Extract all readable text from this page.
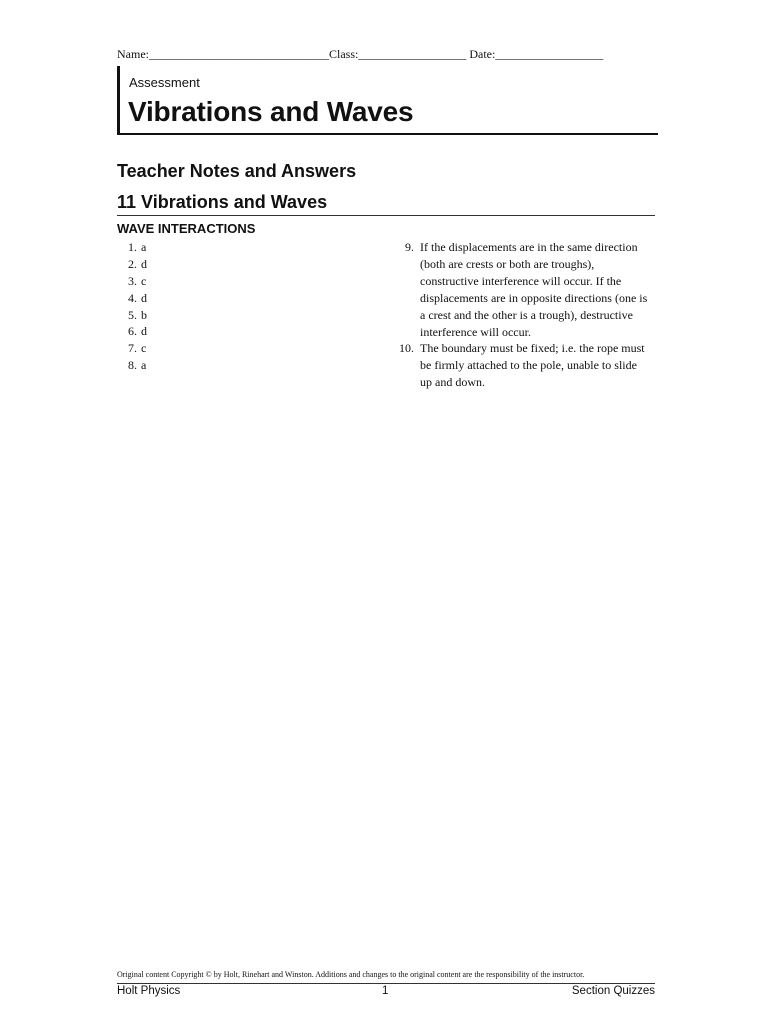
Name:______________________________Class:__________________ Date:__________________
Assessment
Vibrations and Waves
Teacher Notes and Answers
11 Vibrations and Waves
WAVE INTERACTIONS
1. a
2. d
3. c
4. d
5. b
6. d
7. c
8. a
9. If the displacements are in the same direction (both are crests or both are troughs), constructive interference will occur. If the displacements are in opposite directions (one is a crest and the other is a trough), destructive interference will occur.
10. The boundary must be fixed; i.e. the rope must be firmly attached to the pole, unable to slide up and down.
Original content Copyright © by Holt, Rinehart and Winston. Additions and changes to the original content are the responsibility of the instructor.
Holt Physics	1	Section Quizzes
